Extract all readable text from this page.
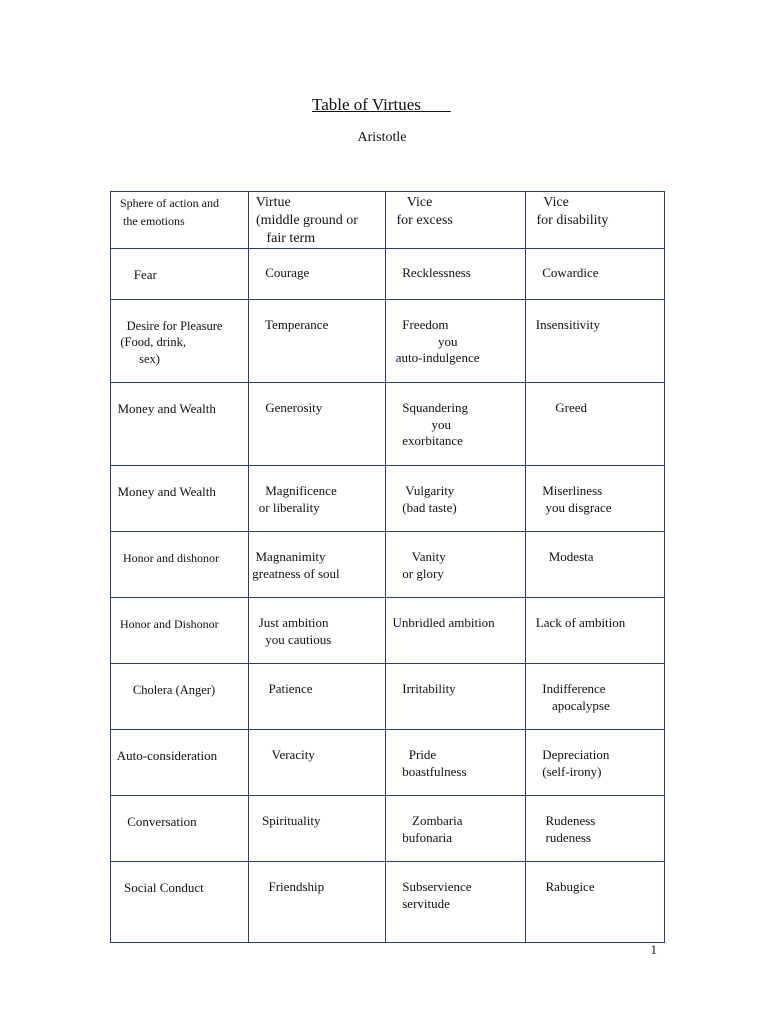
Table of Virtues
Aristotle
Sphere of action and
the emotions	Virtue
(middle ground or
fair term	Vice
for excess	Vice
for disability

Fear	Courage	Recklessness	Cowardice

Desire for Pleasure
(Food, drink,
sex)	Temperance	Freedom
you
auto-indulgence	Insensitivity

Money and Wealth	Generosity	Squandering
you
exorbitance	Greed

Money and Wealth	Magnificence
or liberality	Vulgarity
(bad taste)	Miserliness
you disgrace

Honor and dishonor	Magnanimity
greatness of soul	Vanity
or glory	Modesta

Honor and Dishonor	Just ambition
you cautious	Unbridled ambition	Lack of ambition

Cholera (Anger)	Patience	Irritability	Indifference
apocalypse

Auto-consideration	Veracity	Pride
boastfulness	Depreciation
(self-irony)

Conversation	Spirituality	Zombaria
bufonaria	Rudeness
rudeness

Social Conduct	Friendship	Subservience
servitude	Rabugice
1
